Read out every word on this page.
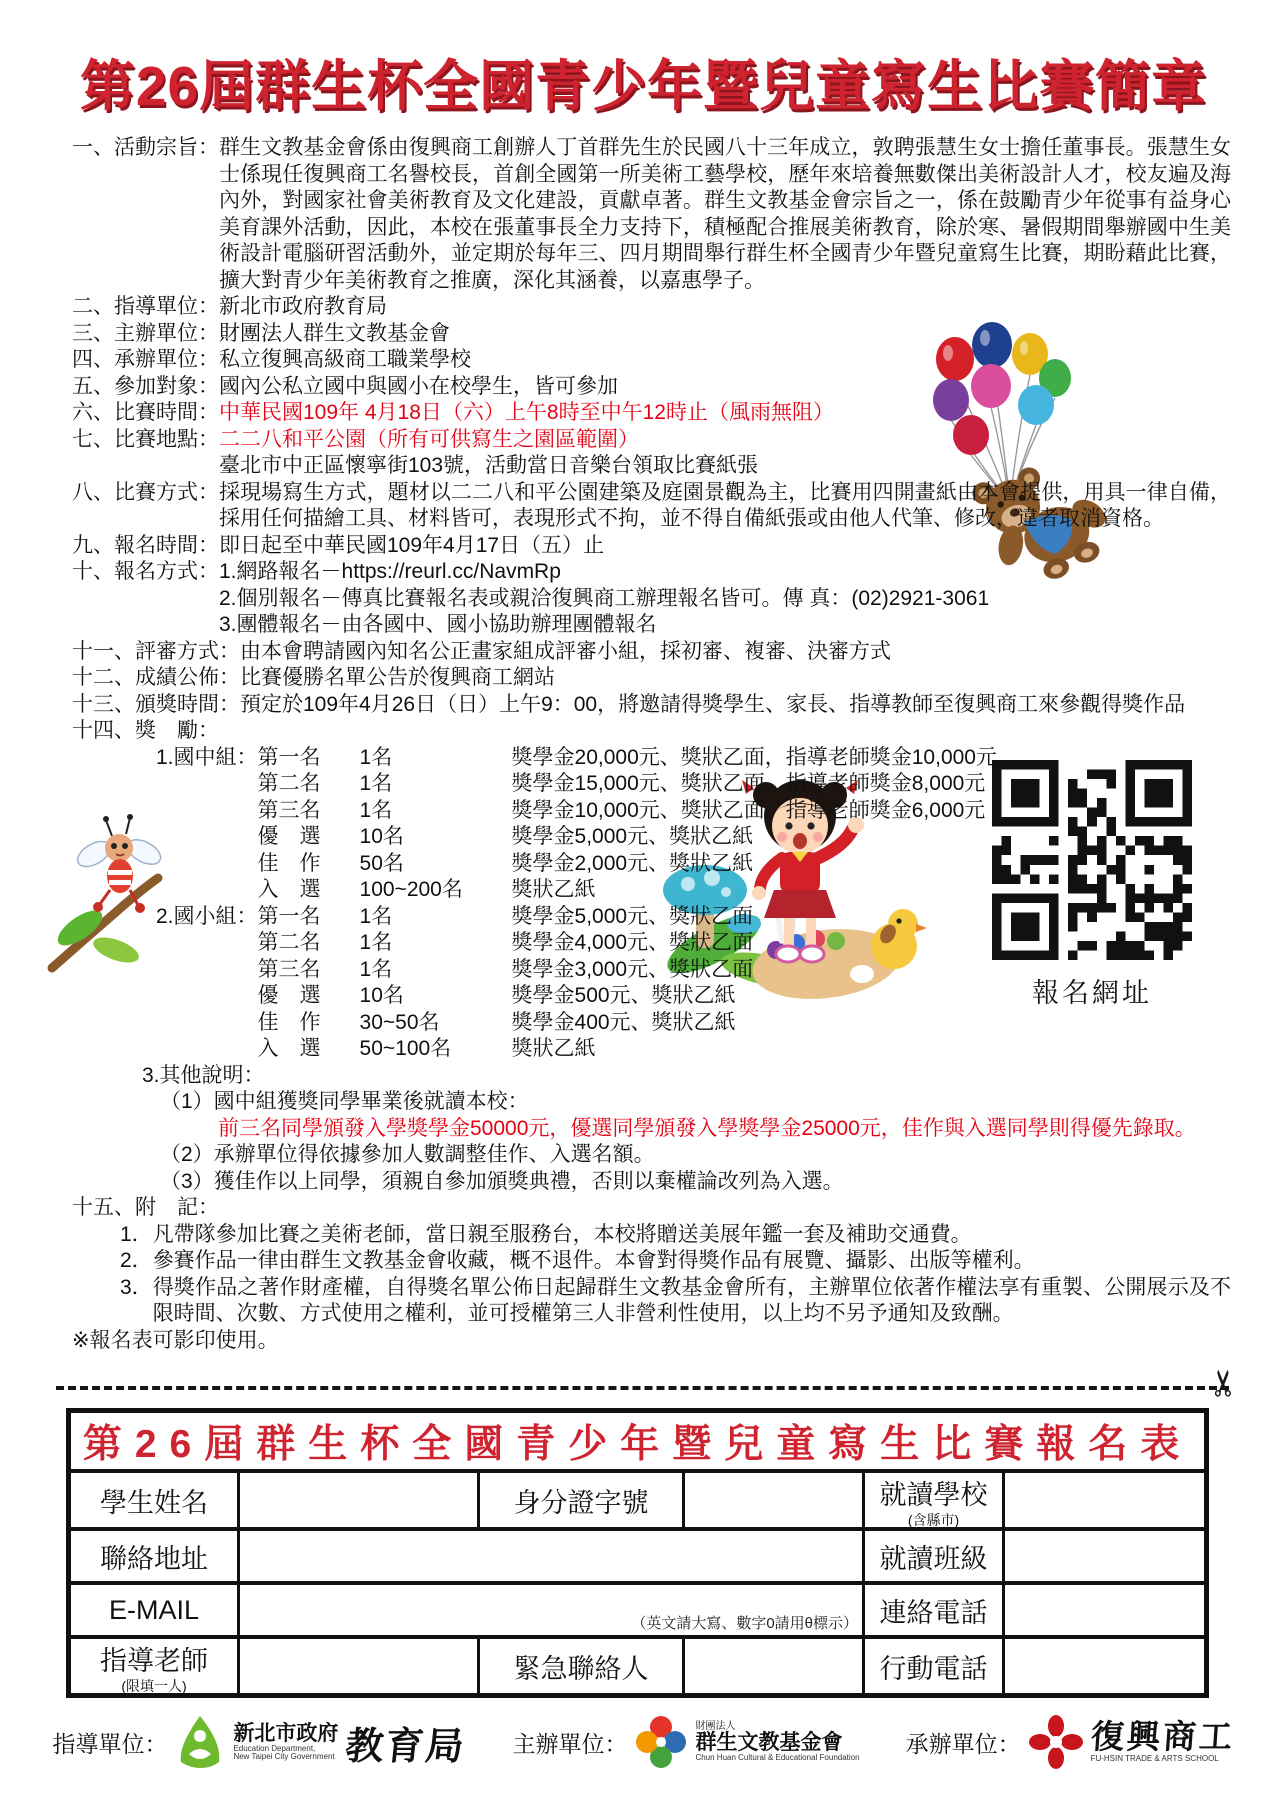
報名網址
第26屆群生杯全國青少年暨兒童寫生比賽簡章
一、活動宗旨： 群生文教基金會係由復興商工創辦人丁首群先生於民國八十三年成立，敦聘張慧生女士擔任董事長。張慧生女士係現任復興商工名譽校長，首創全國第一所美術工藝學校，歷年來培養無數傑出美術設計人才，校友遍及海內外，對國家社會美術教育及文化建設，貢獻卓著。群生文教基金會宗旨之一，係在鼓勵青少年從事有益身心美育課外活動，因此，本校在張董事長全力支持下，積極配合推展美術教育，除於寒、暑假期間舉辦國中生美術設計電腦研習活動外，並定期於每年三、四月期間舉行群生杯全國青少年暨兒童寫生比賽，期盼藉此比賽，擴大對青少年美術教育之推廣，深化其涵養，以嘉惠學子。
二、指導單位： 新北市政府教育局
三、主辦單位： 財團法人群生文教基金會
四、承辦單位： 私立復興高級商工職業學校
五、參加對象： 國內公私立國中與國小在校學生，皆可參加
六、比賽時間： 中華民國109年 4月18日（六）上午8時至中午12時止（風雨無阻）
七、比賽地點： 二二八和平公園（所有可供寫生之園區範圍）
臺北市中正區懷寧街103號，活動當日音樂台領取比賽紙張
八、比賽方式： 採現場寫生方式，題材以二二八和平公園建築及庭園景觀為主，比賽用四開畫紙由本會提供，用具一律自備，採用任何描繪工具、材料皆可，表現形式不拘，並不得自備紙張或由他人代筆、修改，違者取消資格。
九、報名時間： 即日起至中華民國109年4月17日（五）止
十、報名方式： 1.網路報名－https://reurl.cc/NavmRp
2.個別報名－傳真比賽報名表或親洽復興商工辦理報名皆可。傳 真：(02)2921-3061
3.團體報名－由各國中、國小協助辦理團體報名
十一、評審方式： 由本會聘請國內知名公正畫家組成評審小組，採初審、複審、決審方式
十二、成績公佈： 比賽優勝名單公告於復興商工網站
十三、頒獎時間： 預定於109年4月26日（日）上午9：00，將邀請得獎學生、家長、指導教師至復興商工來參觀得獎作品
十四、獎　勵：
1.國中組： 第一名	1名	獎學金20,000元、獎狀乙面，指導老師獎金10,000元
第二名	1名	獎學金15,000元、獎狀乙面，指導老師獎金8,000元
第三名	1名	獎學金10,000元、獎狀乙面，指導老師獎金6,000元
優　選	10名	獎學金5,000元、獎狀乙紙
佳　作	50名	獎學金2,000元、獎狀乙紙
入　選	100~200名	獎狀乙紙
2.國小組： 第一名	1名	獎學金5,000元、獎狀乙面
第二名	1名	獎學金4,000元、獎狀乙面
第三名	1名	獎學金3,000元、獎狀乙面
優　選	10名	獎學金500元、獎狀乙紙
佳　作	30~50名	獎學金400元、獎狀乙紙
入　選	50~100名	獎狀乙紙
3.其他說明：
（1）國中組獲獎同學畢業後就讀本校：
前三名同學頒發入學獎學金50000元，優選同學頒發入學獎學金25000元，佳作與入選同學則得優先錄取。
（2）承辦單位得依據參加人數調整佳作、入選名額。
（3）獲佳作以上同學，須親自參加頒獎典禮，否則以棄權論改列為入選。
十五、附　記：
1． 凡帶隊參加比賽之美術老師，當日親至服務台，本校將贈送美展年鑑一套及補助交通費。
2． 參賽作品一律由群生文教基金會收藏，概不退件。本會對得獎作品有展覽、攝影、出版等權利。
3． 得獎作品之著作財產權，自得獎名單公佈日起歸群生文教基金會所有，主辦單位依著作權法享有重製、公開展示及不限時間、次數、方式使用之權利，並可授權第三人非營利性使用，以上均不另予通知及致酬。
※報名表可影印使用。
✂
第26屆群生杯全國青少年暨兒童寫生比賽報名表					
學生姓名		身分證字號		就讀學校
(含縣市)	

聯絡地址				就讀班級	
E-MAIL	（英文請大寫、數字0請用θ標示）			連絡電話	
指導老師
(限填一人)		緊急聯絡人		行動電話	
指導單位：	新北市政府
Education Department,
New Taipei City Government 教育局 主辦單位：
財團法人
群生文教基金會
Chun Huan Cultural & Educational Foundation
承辦單位： 復興商工
FU-HSIN TRADE & ARTS SCHOOL
